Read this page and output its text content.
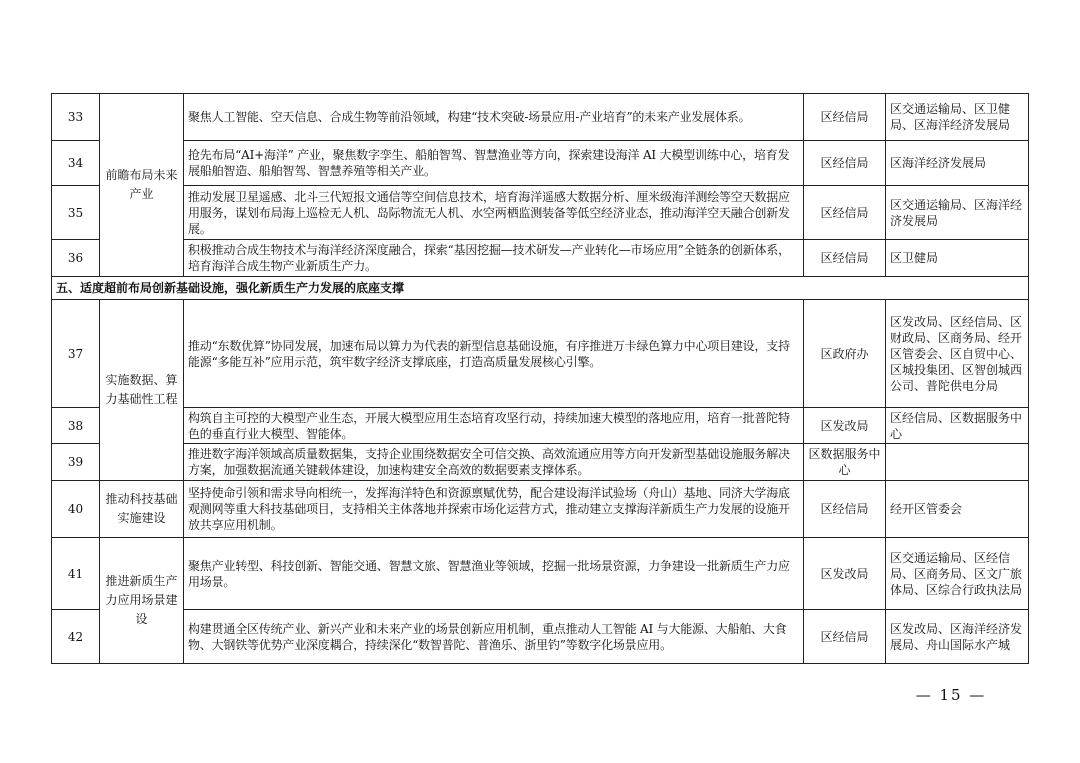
33	前瞻布局未来产业	聚焦人工智能、空天信息、合成生物等前沿领域，构建“技术突破-场景应用-产业培育”的未来产业发展体系。	区经信局	区交通运输局、区卫健局、区海洋经济发展局
34		抢先布局“AI+海洋” 产业，聚焦数字孪生、船舶智驾、智慧渔业等方向，探索建设海洋 AI 大模型训练中心，培育发展船舶智造、船舶智驾、智慧养殖等相关产业。	区经信局	区海洋经济发展局
35		推动发展卫星遥感、北斗三代短报文通信等空间信息技术，培育海洋遥感大数据分析、厘米级海洋测绘等空天数据应用服务，谋划布局海上巡检无人机、岛际物流无人机、水空两栖监测装备等低空经济业态，推动海洋空天融合创新发展。	区经信局	区交通运输局、区海洋经济发展局
36		积极推动合成生物技术与海洋经济深度融合，探索“基因挖掘—技术研发—产业转化—市场应用”全链条的创新体系，培育海洋合成生物产业新质生产力。	区经信局	区卫健局
五、适度超前布局创新基础设施，强化新质生产力发展的底座支撑				
37	实施数据、算力基础性工程	推动“东数优算”协同发展，加速布局以算力为代表的新型信息基础设施，有序推进万卡绿色算力中心项目建设，支持能源“多能互补”应用示范，筑牢数字经济支撑底座，打造高质量发展核心引擎。	区政府办	区发改局、区经信局、区财政局、区商务局、经开区管委会、区自贸中心、区城投集团、区智创城西公司、普陀供电分局
38		构筑自主可控的大模型产业生态，开展大模型应用生态培育攻坚行动，持续加速大模型的落地应用，培育一批普陀特色的垂直行业大模型、智能体。	区发改局	区经信局、区数据服务中心
39		推进数字海洋领域高质量数据集，支持企业围绕数据安全可信交换、高效流通应用等方向开发新型基础设施服务解决方案，加强数据流通关键载体建设，加速构建安全高效的数据要素支撑体系。	区数据服务中心	
40	推动科技基础实施建设	坚持使命引领和需求导向相统一，发挥海洋特色和资源禀赋优势，配合建设海洋试验场（舟山）基地、同济大学海底观测网等重大科技基础项目，支持相关主体落地并探索市场化运营方式，推动建立支撑海洋新质生产力发展的设施开放共享应用机制。	区经信局	经开区管委会
41	推进新质生产力应用场景建设	聚焦产业转型、科技创新、智能交通、智慧文旅、智慧渔业等领域，挖掘一批场景资源，力争建设一批新质生产力应用场景。	区发改局	区交通运输局、区经信局、区商务局、区文广旅体局、区综合行政执法局
42		构建贯通全区传统产业、新兴产业和未来产业的场景创新应用机制，重点推动人工智能 AI 与大能源、大船舶、大食物、大钢铁等优势产业深度耦合，持续深化“数智普陀、普渔乐、浙里钓”等数字化场景应用。	区经信局	区发改局、区海洋经济发展局、舟山国际水产城
— 15 —
